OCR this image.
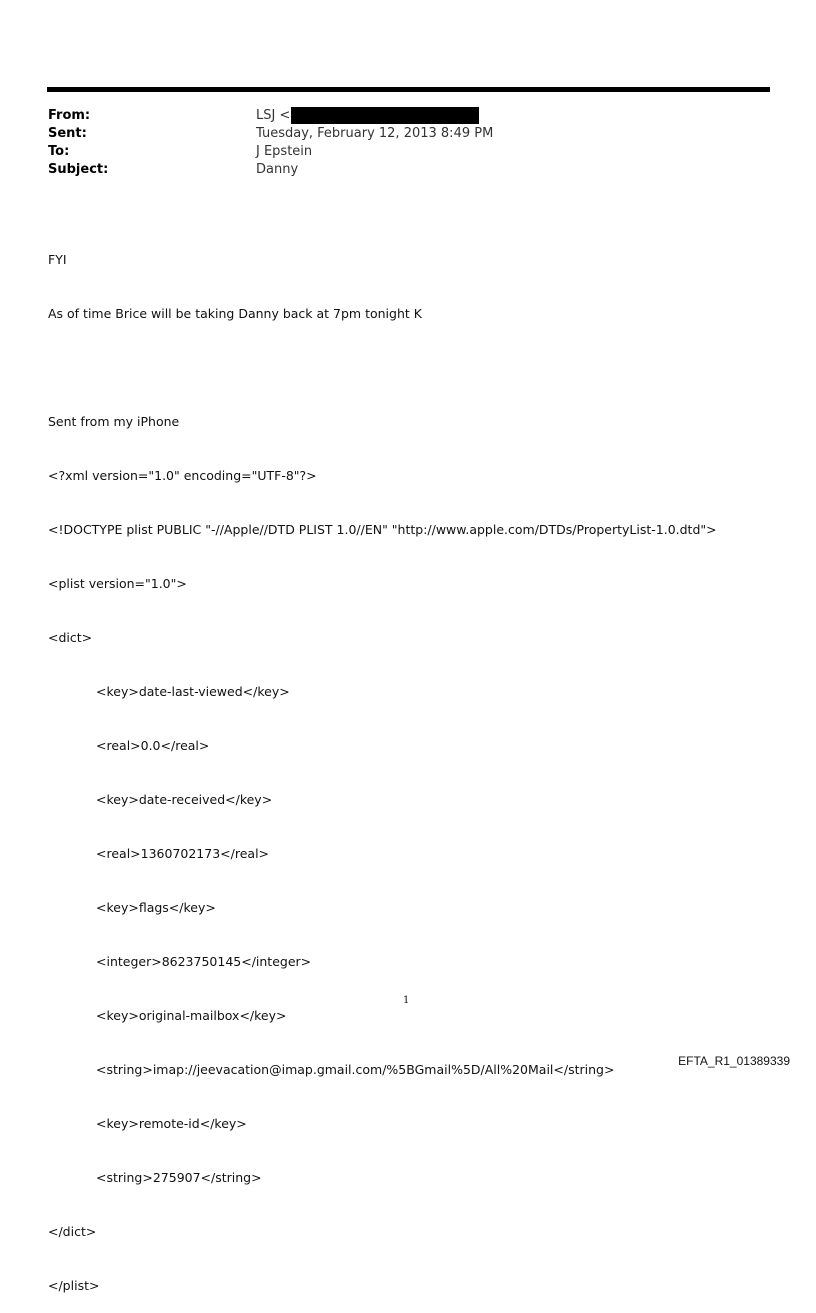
From:	LSJ <
Sent:	Tuesday, February 12, 2013 8:49 PM
To:	J Epstein
Subject:	Danny

FYI

As of time Brice will be taking Danny back at 7pm tonight K

Sent from my iPhone

<?xml version="1.0" encoding="UTF-8"?>

<!DOCTYPE plist PUBLIC "-//Apple//DTD PLIST 1.0//EN" "http://www.apple.com/DTDs/PropertyList-1.0.dtd">

<plist version="1.0">

<dict>

<key>date-last-viewed</key>

<real>0.0</real>

<key>date-received</key>

<real>1360702173</real>

<key>flags</key>

<integer>8623750145</integer>

<key>original-mailbox</key>

<string>imap://jeevacation@imap.gmail.com/%5BGmail%5D/All%20Mail</string>

<key>remote-id</key>

<string>275907</string>

</dict>

</plist>

1
EFTA_R1_01389339
